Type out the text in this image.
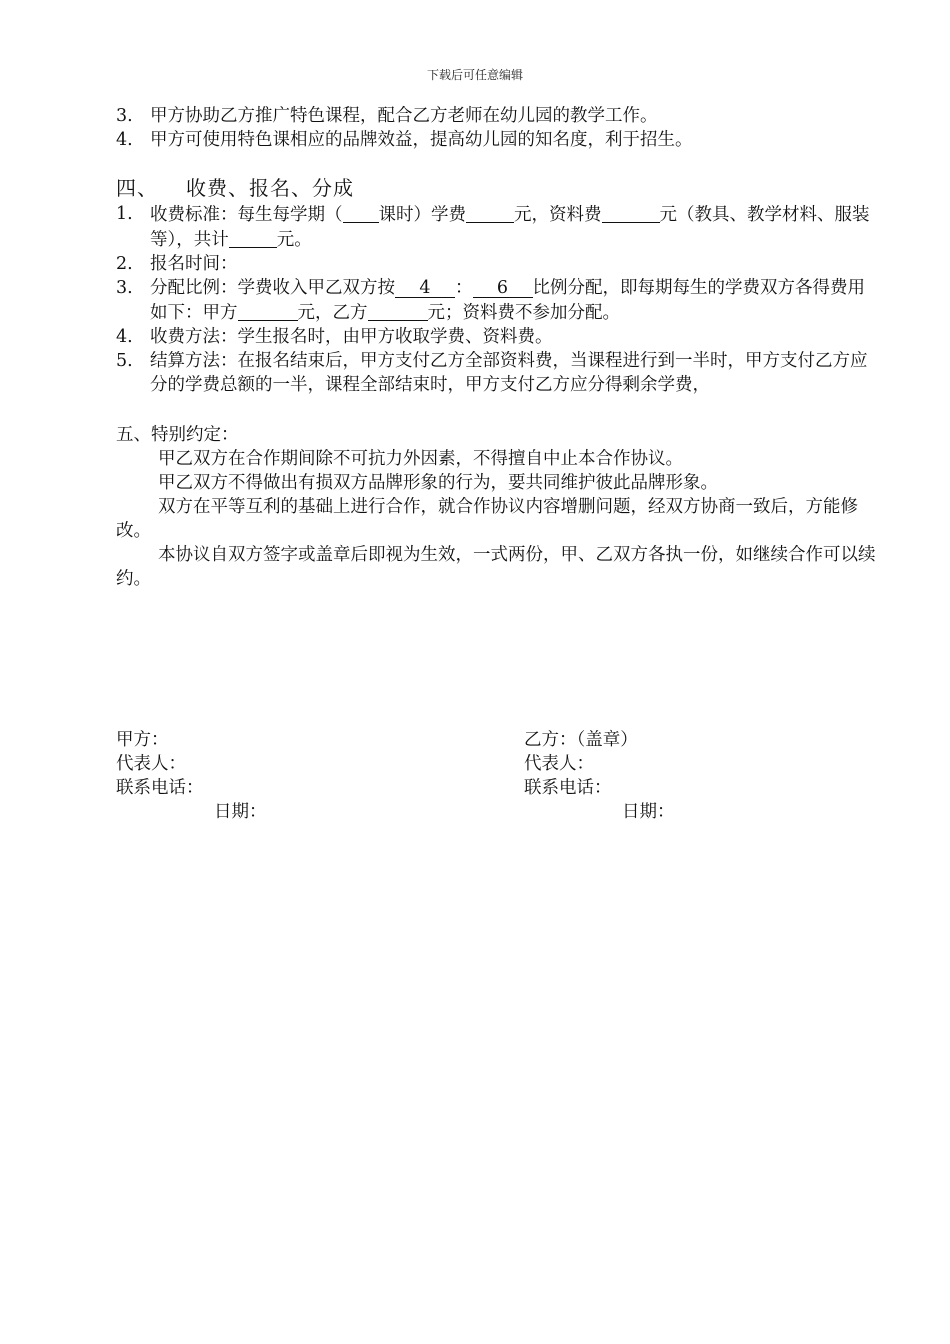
下载后可任意编辑
3. 甲方协助乙方推广特色课程，配合乙方老师在幼儿园的教学工作。
4. 甲方可使用特色课相应的品牌效益，提高幼儿园的知名度，利于招生。
四、 收费、报名、分成
1. 收费标准：每生每学期（ 课时）学费	元，资料费	元（教具、教学材料、服装等），共计	元。
2. 报名时间：
3. 分配比例：学费收入甲乙双方按 4 ： 6 比例分配，即每期每生的学费双方各得费用如下：甲方	元，乙方	元；资料费不参加分配。
4. 收费方法：学生报名时，由甲方收取学费、资料费。
5. 结算方法：在报名结束后，甲方支付乙方全部资料费，当课程进行到一半时，甲方支付乙方应分的学费总额的一半，课程全部结束时，甲方支付乙方应分得剩余学费，
五、特别约定：
甲乙双方在合作期间除不可抗力外因素，不得擅自中止本合作协议。
甲乙双方不得做出有损双方品牌形象的行为，要共同维护彼此品牌形象。
双方在平等互利的基础上进行合作，就合作协议内容增删问题，经双方协商一致后，方能修改。
本协议自双方签字或盖章后即视为生效，一式两份，甲、乙双方各执一份，如继续合作可以续约。
甲方：
代表人：
联系电话：
日期：
乙方：（盖章）
代表人：
联系电话：
日期：
